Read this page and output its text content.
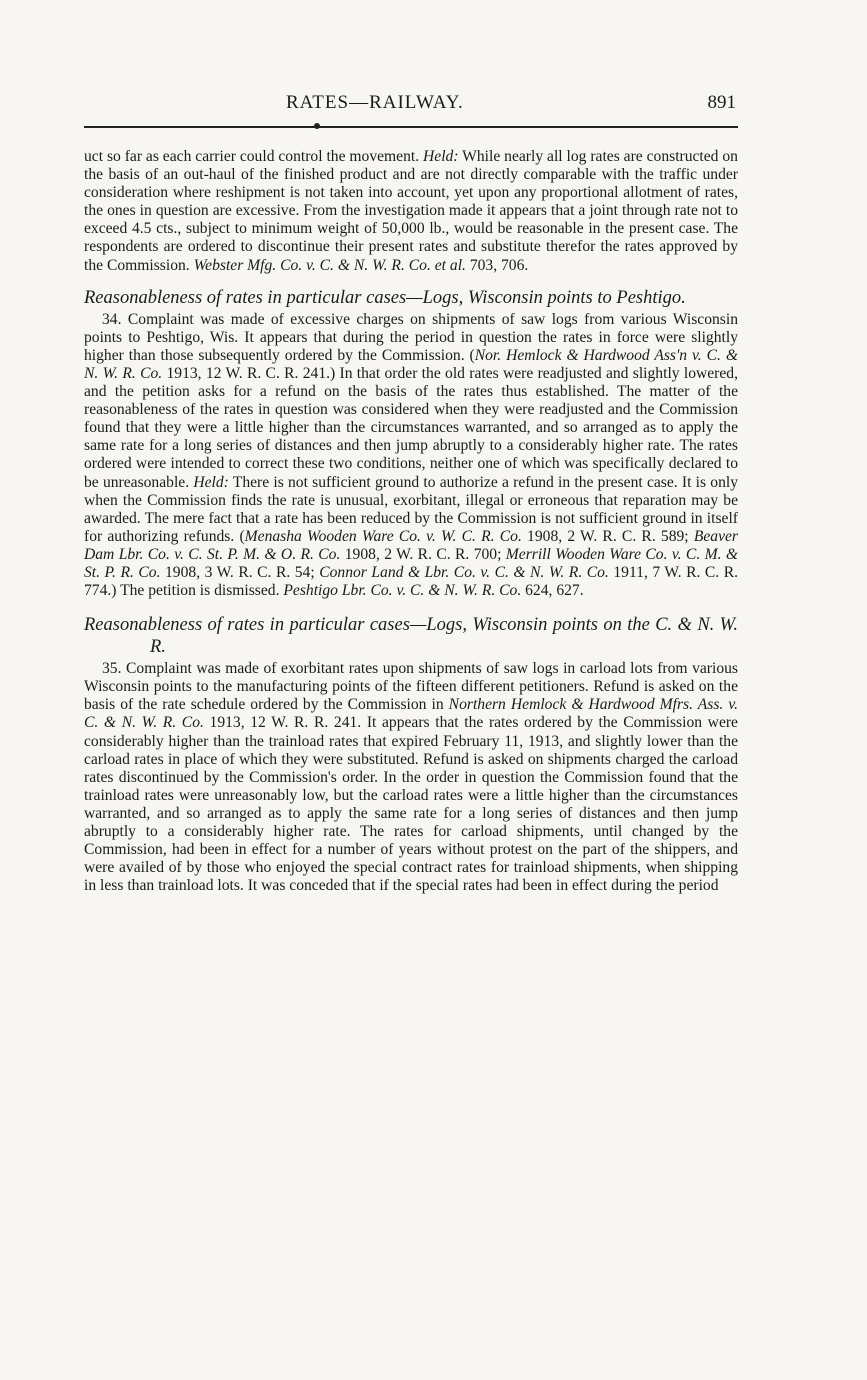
RATES—RAILWAY.	891

uct so far as each carrier could control the movement. Held: While nearly all log rates are constructed on the basis of an out-haul of the finished product and are not directly comparable with the traffic under consideration where reshipment is not taken into account, yet upon any proportional allotment of rates, the ones in question are excessive. From the investigation made it appears that a joint through rate not to exceed 4.5 cts., subject to minimum weight of 50,000 lb., would be reasonable in the present case. The respondents are ordered to discontinue their present rates and substitute therefor the rates approved by the Commission. Webster Mfg. Co. v. C. & N. W. R. Co. et al. 703, 706.

Reasonableness of rates in particular cases—Logs, Wisconsin points to Peshtigo.

34. Complaint was made of excessive charges on shipments of saw logs from various Wisconsin points to Peshtigo, Wis. It appears that during the period in question the rates in force were slightly higher than those subsequently ordered by the Commission. (Nor. Hemlock & Hardwood Ass'n v. C. & N. W. R. Co. 1913, 12 W. R. C. R. 241.) In that order the old rates were readjusted and slightly lowered, and the petition asks for a refund on the basis of the rates thus established. The matter of the reasonableness of the rates in question was considered when they were readjusted and the Commission found that they were a little higher than the circumstances warranted, and so arranged as to apply the same rate for a long series of distances and then jump abruptly to a considerably higher rate. The rates ordered were intended to correct these two conditions, neither one of which was specifically declared to be unreasonable. Held: There is not sufficient ground to authorize a refund in the present case. It is only when the Commission finds the rate is unusual, exorbitant, illegal or erroneous that reparation may be awarded. The mere fact that a rate has been reduced by the Commission is not sufficient ground in itself for authorizing refunds. (Menasha Wooden Ware Co. v. W. C. R. Co. 1908, 2 W. R. C. R. 589; Beaver Dam Lbr. Co. v. C. St. P. M. & O. R. Co. 1908, 2 W. R. C. R. 700; Merrill Wooden Ware Co. v. C. M. & St. P. R. Co. 1908, 3 W. R. C. R. 54; Connor Land & Lbr. Co. v. C. & N. W. R. Co. 1911, 7 W. R. C. R. 774.) The petition is dismissed. Peshtigo Lbr. Co. v. C. & N. W. R. Co. 624, 627.

Reasonableness of rates in particular cases—Logs, Wisconsin points on the C. & N. W. R.

35. Complaint was made of exorbitant rates upon shipments of saw logs in carload lots from various Wisconsin points to the manufacturing points of the fifteen different petitioners. Refund is asked on the basis of the rate schedule ordered by the Commission in Northern Hemlock & Hardwood Mfrs. Ass. v. C. & N. W. R. Co. 1913, 12 W. R. R. 241. It appears that the rates ordered by the Commission were considerably higher than the trainload rates that expired February 11, 1913, and slightly lower than the carload rates in place of which they were substituted. Refund is asked on shipments charged the carload rates discontinued by the Commission's order. In the order in question the Commission found that the trainload rates were unreasonably low, but the carload rates were a little higher than the circumstances warranted, and so arranged as to apply the same rate for a long series of distances and then jump abruptly to a considerably higher rate. The rates for carload shipments, until changed by the Commission, had been in effect for a number of years without protest on the part of the shippers, and were availed of by those who enjoyed the special contract rates for trainload shipments, when shipping in less than trainload lots. It was conceded that if the special rates had been in effect during the period
